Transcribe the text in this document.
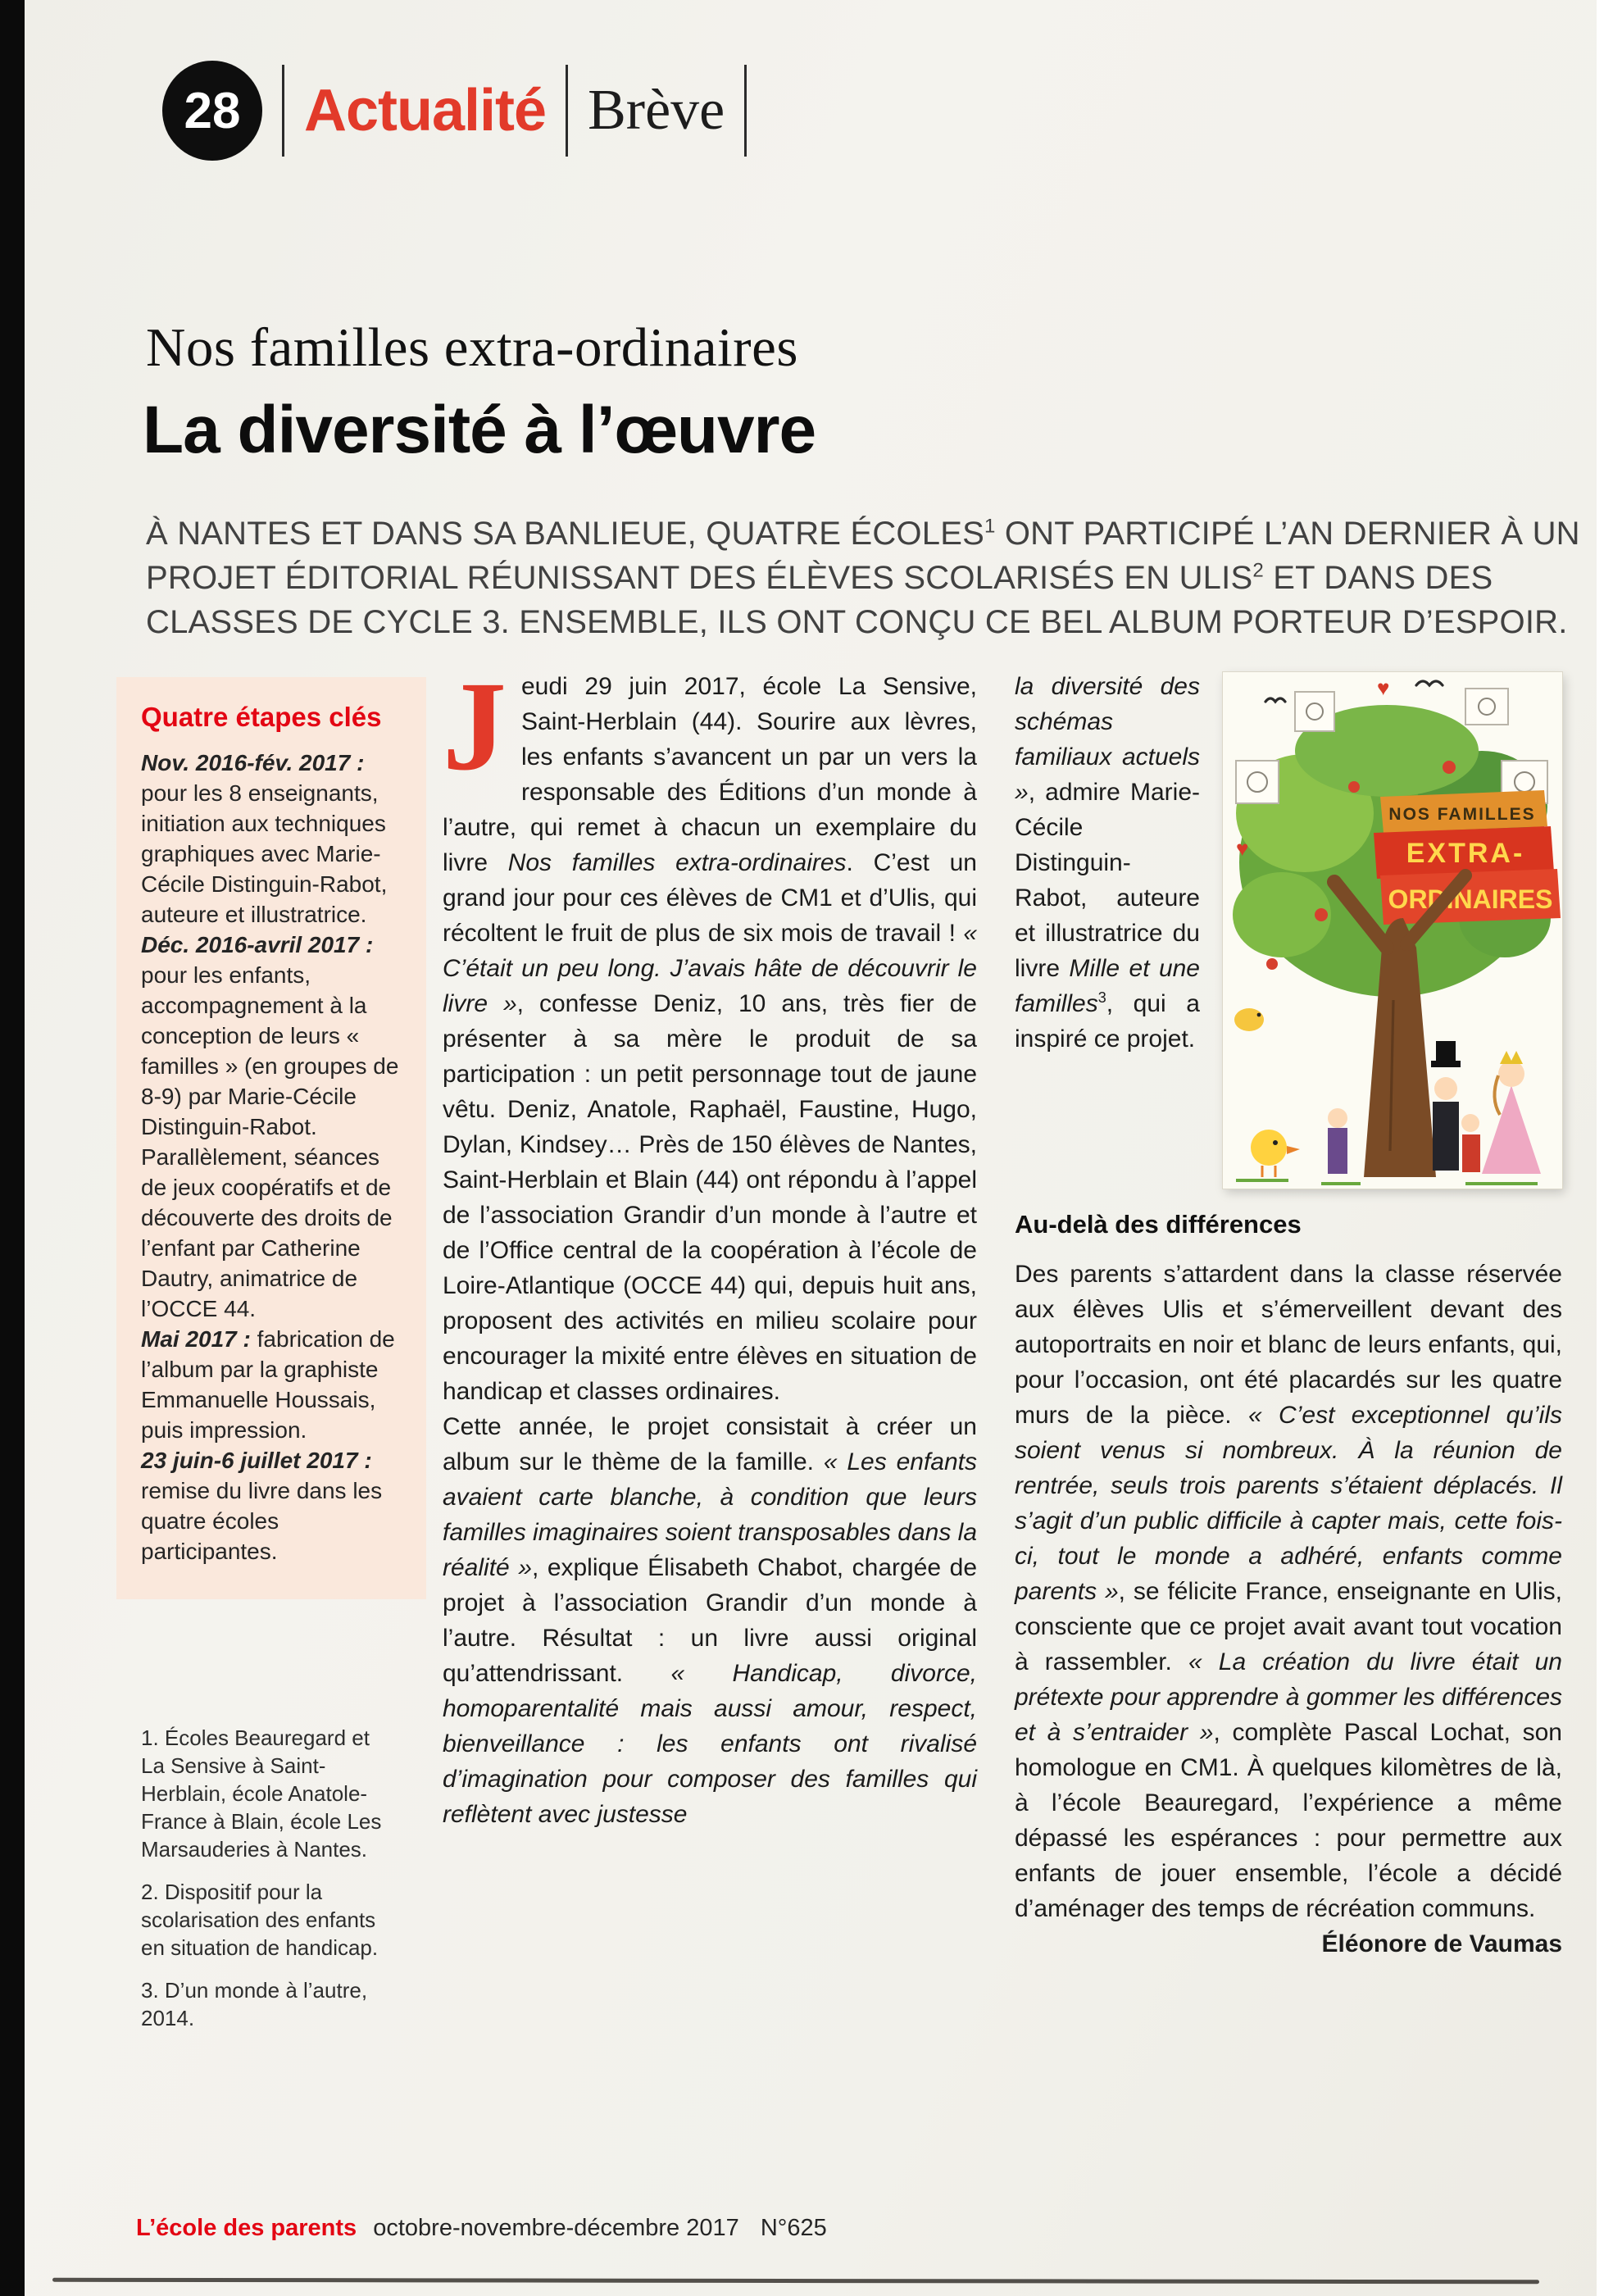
28 Actualité Brève
Nos familles extra-ordinaires
La diversité à l’œuvre

À NANTES ET DANS SA BANLIEUE, QUATRE ÉCOLES$^1$ ONT PARTICIPÉ L’AN DERNIER À UN PROJET ÉDITORIAL RÉUNISSANT DES ÉLÈVES SCOLARISÉS EN ULIS$^2$ ET DANS DES CLASSES DE CYCLE 3. ENSEMBLE, ILS ONT CONÇU CE BEL ALBUM PORTEUR D’ESPOIR.

Quatre étapes clés

Nov. 2016-fév. 2017 : pour les 8 enseignants, initiation aux techniques graphiques avec Marie-Cécile Distinguin-Rabot, auteure et illustratrice.

Déc. 2016-avril 2017 : pour les enfants, accompagnement à la conception de leurs « familles » (en groupes de 8-9) par Marie-Cécile Distinguin-Rabot. Parallèlement, séances de jeux coopératifs et de découverte des droits de l’enfant par Catherine Dautry, animatrice de l’OCCE 44.

Mai 2017 : fabrication de l’album par la graphiste Emmanuelle Houssais, puis impression.

23 juin-6 juillet 2017 : remise du livre dans les quatre écoles participantes.

1. Écoles Beauregard et La Sensive à Saint-Herblain, école Anatole-France à Blain, école Les Marsauderies à Nantes.

2. Dispositif pour la scolarisation des enfants en situation de handicap.

3. D’un monde à l’autre, 2014.

J eudi 29 juin 2017, école La Sensive, Saint-Herblain (44). Sourire aux lèvres, les enfants s’avancent un par un vers la responsable des Éditions d’un monde à l’autre, qui remet à chacun un exemplaire du livre Nos familles extra-ordinaires. C’est un grand jour pour ces élèves de CM1 et d’Ulis, qui récoltent le fruit de plus de six mois de travail ! « C’était un peu long. J’avais hâte de découvrir le livre », confesse Deniz, 10 ans, très fier de présenter à sa mère le produit de sa participation : un petit personnage tout de jaune vêtu. Deniz, Anatole, Raphaël, Faustine, Hugo, Dylan, Kindsey… Près de 150 élèves de Nantes, Saint-Herblain et Blain (44) ont répondu à l’appel de l’association Grandir d’un monde à l’autre et de l’Office central de la coopération à l’école de Loire-Atlantique (OCCE 44) qui, depuis huit ans, proposent des activités en milieu scolaire pour encourager la mixité entre élèves en situation de handicap et classes ordinaires.

Cette année, le projet consistait à créer un album sur le thème de la famille. « Les enfants avaient carte blanche, à condition que leurs familles imaginaires soient transposables dans la réalité », explique Élisabeth Chabot, chargée de projet à l’association Grandir d’un monde à l’autre. Résultat : un livre aussi original qu’attendrissant. « Handicap, divorce, homoparentalité mais aussi amour, respect, bienveillance : les enfants ont rivalisé d’imagination pour composer des familles qui reflètent avec justesse

♥
♥
NOS FAMILLES
EXTRA-
ORDINAIRES

la diversité des schémas familiaux actuels », admire Marie-Cécile Distinguin-Rabot, auteure et illustratrice du livre Mille et une familles$^3$, qui a inspiré ce projet.

Au-delà des différences

Des parents s’attardent dans la classe réservée aux élèves Ulis et s’émerveillent devant des autoportraits en noir et blanc de leurs enfants, qui, pour l’occasion, ont été placardés sur les quatre murs de la pièce. « C’est exceptionnel qu’ils soient venus si nombreux. À la réunion de rentrée, seuls trois parents s’étaient déplacés. Il s’agit d’un public difficile à capter mais, cette fois-ci, tout le monde a adhéré, enfants comme parents », se félicite France, enseignante en Ulis, consciente que ce projet avait avant tout vocation à rassembler. « La création du livre était un prétexte pour apprendre à gommer les différences et à s’entraider », complète Pascal Lochat, son homologue en CM1. À quelques kilomètres de là, à l’école Beauregard, l’expérience a même dépassé les espérances : pour permettre aux enfants de jouer ensemble, l’école a décidé d’aménager des temps de récréation communs.
Éléonore de Vaumas

L’école des parents octobre-novembre-décembre 2017 N°625
